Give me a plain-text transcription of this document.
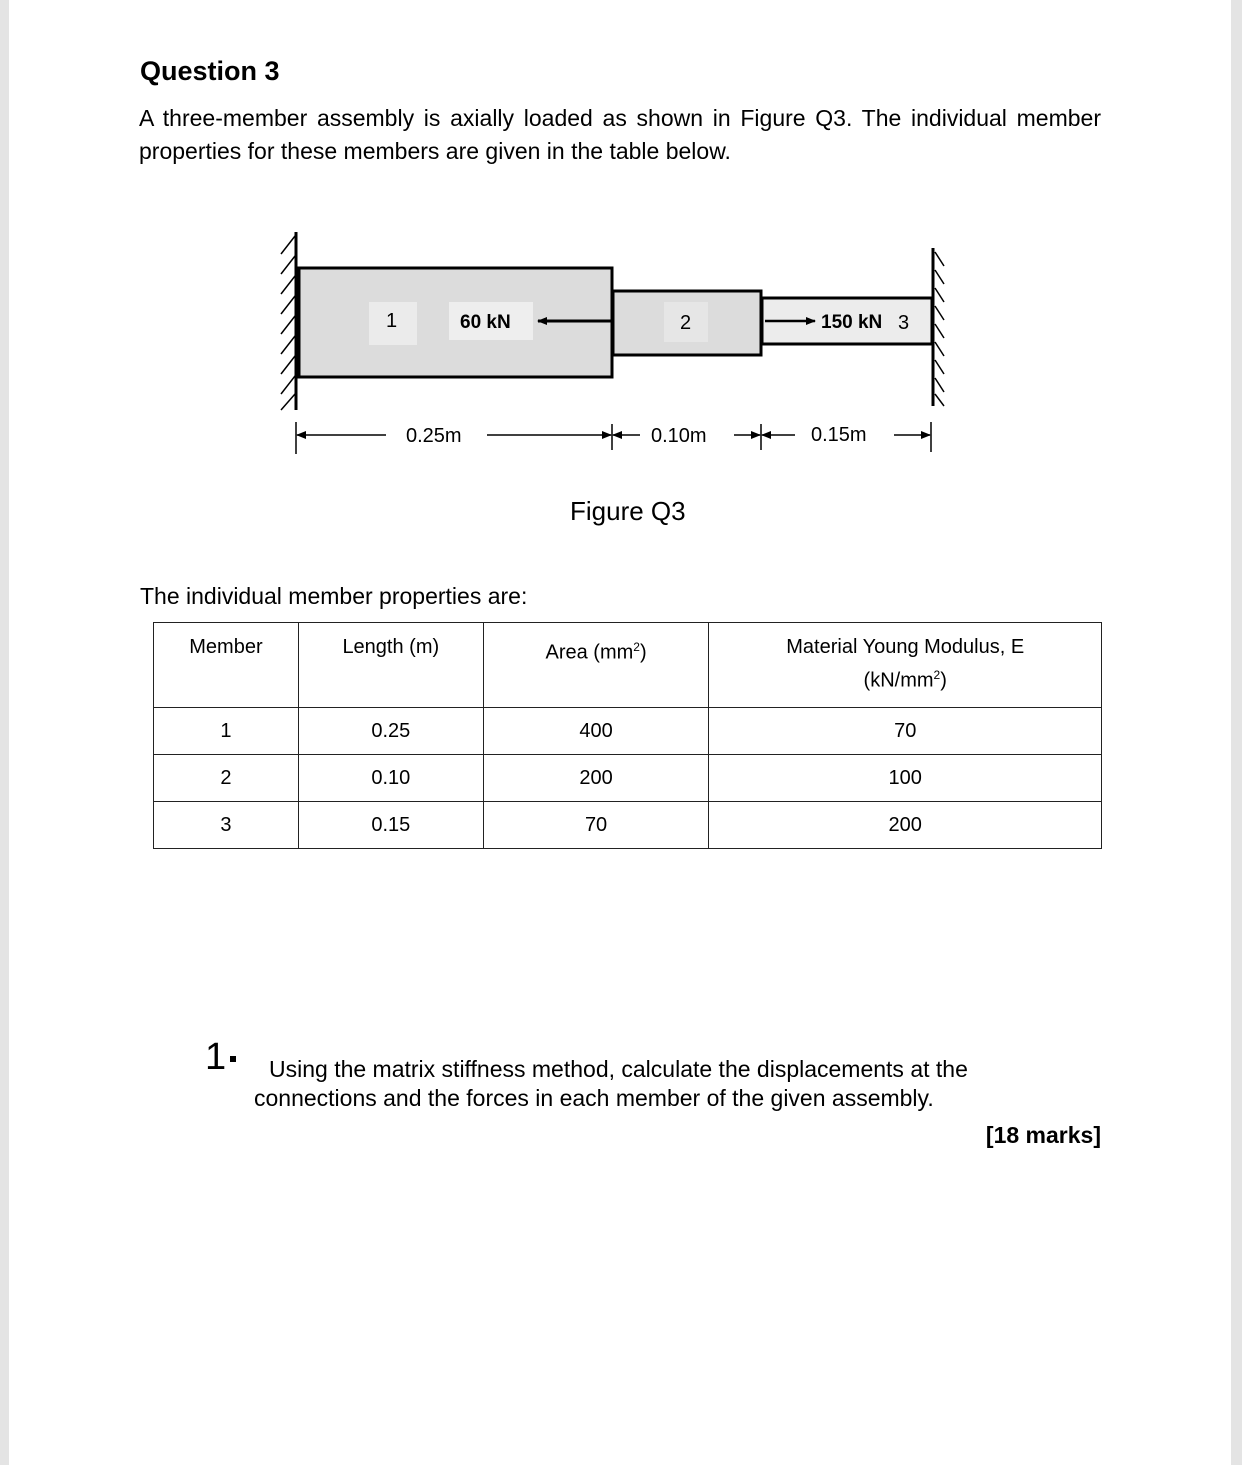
Question 3

A three-member assembly is axially loaded as shown in Figure Q3. The individual member properties for these members are given in the table below.

1	60 kN	2	150 kN 3
0.25m	0.10m	0.15m
Figure Q3
The individual member properties are:
Member	Length (m)	Area $(mm^2)$	Material Young Modulus, E
$(kN/mm^2)$
1	0.25	400	70
2	0.10	200	100
3	0.15	70	200
1	Using the matrix stiffness method, calculate the displacements at the
connections and the forces in each member of the given assembly.

[18 marks]
